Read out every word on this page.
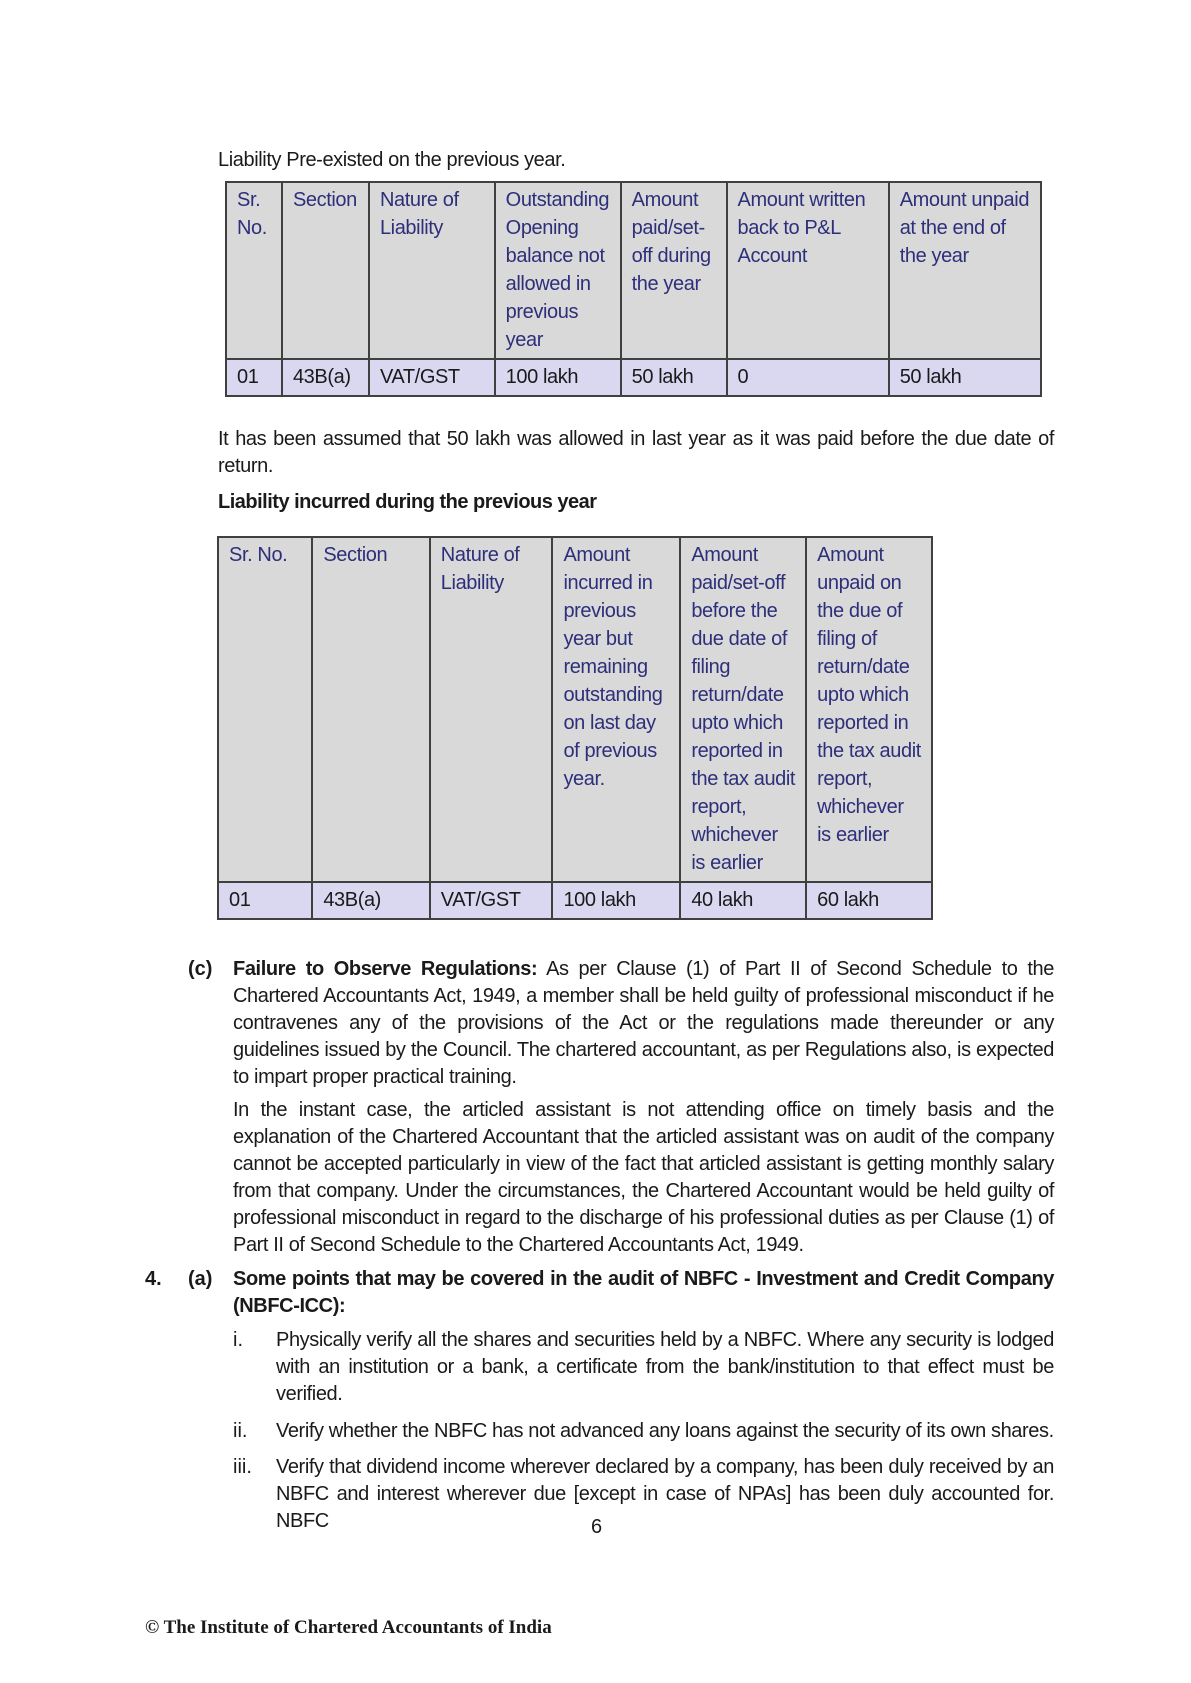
Liability Pre-existed on the previous year.
Sr. No.	Section	Nature of Liability	Outstanding Opening balance not allowed in previous year	Amount paid/set-off during the year	Amount written back to P&L Account	Amount unpaid at the end of the year
01	43B(a)	VAT/GST	100 lakh	50 lakh	0	50 lakh
It has been assumed that 50 lakh was allowed in last year as it was paid before the due date of return.
Liability incurred during the previous year
Sr. No.	Section	Nature of Liability	Amount incurred in previous year but remaining outstanding on last day of previous year.	Amount paid/set-off before the due date of filing return/date upto which reported in the tax audit report, whichever is earlier	Amount unpaid on the due of filing of return/date upto which reported in the tax audit report, whichever is earlier
01	43B(a)	VAT/GST	100 lakh	40 lakh	60 lakh
(c) Failure to Observe Regulations: As per Clause (1) of Part II of Second Schedule to the Chartered Accountants Act, 1949, a member shall be held guilty of professional misconduct if he contravenes any of the provisions of the Act or the regulations made thereunder or any guidelines issued by the Council. The chartered accountant, as per Regulations also, is expected to impart proper practical training.
In the instant case, the articled assistant is not attending office on timely basis and the explanation of the Chartered Accountant that the articled assistant was on audit of the company cannot be accepted particularly in view of the fact that articled assistant is getting monthly salary from that company. Under the circumstances, the Chartered Accountant would be held guilty of professional misconduct in regard to the discharge of his professional duties as per Clause (1) of Part II of Second Schedule to the Chartered Accountants Act, 1949.
4. (a) Some points that may be covered in the audit of NBFC - Investment and Credit Company (NBFC-ICC):
i. Physically verify all the shares and securities held by a NBFC. Where any security is lodged with an institution or a bank, a certificate from the bank/institution to that effect must be verified.
ii. Verify whether the NBFC has not advanced any loans against the security of its own shares.
iii. Verify that dividend income wherever declared by a company, has been duly received by an NBFC and interest wherever due [except in case of NPAs] has been duly accounted for. NBFC	6
© The Institute of Chartered Accountants of India
